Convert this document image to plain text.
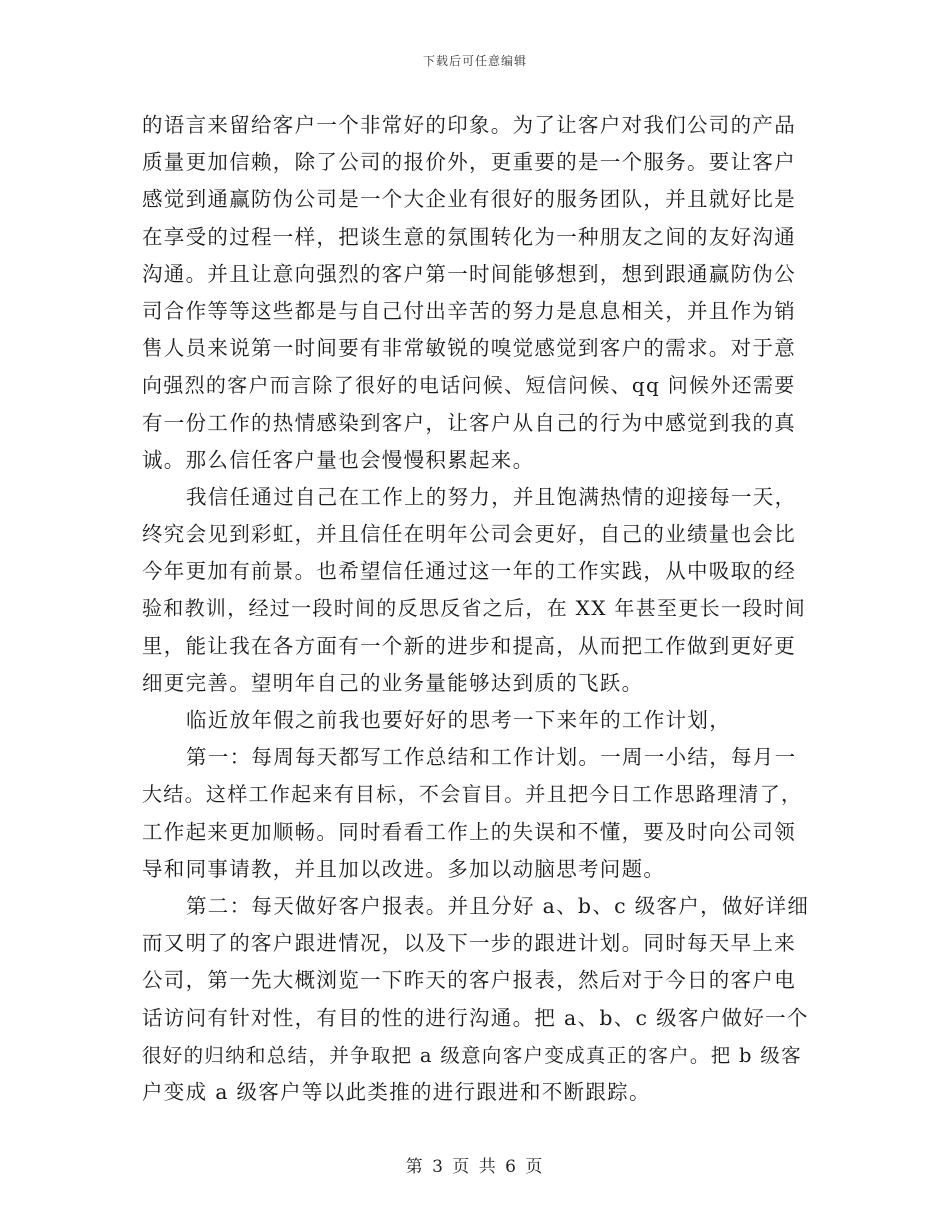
下载后可任意编辑
的语言来留给客户一个非常好的印象。为了让客户对我们公司的产品
质量更加信赖，除了公司的报价外，更重要的是一个服务。要让客户
感觉到通赢防伪公司是一个大企业有很好的服务团队，并且就好比是
在享受的过程一样，把谈生意的氛围转化为一种朋友之间的友好沟通
沟通。并且让意向强烈的客户第一时间能够想到，想到跟通赢防伪公
司合作等等这些都是与自己付出辛苦的努力是息息相关，并且作为销
售人员来说第一时间要有非常敏锐的嗅觉感觉到客户的需求。对于意
向强烈的客户而言除了很好的电话问候、短信问候、qq 问候外还需要
有一份工作的热情感染到客户，让客户从自己的行为中感觉到我的真
诚。那么信任客户量也会慢慢积累起来。
我信任通过自己在工作上的努力，并且饱满热情的迎接每一天，
终究会见到彩虹，并且信任在明年公司会更好，自己的业绩量也会比
今年更加有前景。也希望信任通过这一年的工作实践，从中吸取的经
验和教训，经过一段时间的反思反省之后，在 XX 年甚至更长一段时间
里，能让我在各方面有一个新的进步和提高，从而把工作做到更好更
细更完善。望明年自己的业务量能够达到质的飞跃。
临近放年假之前我也要好好的思考一下来年的工作计划，
第一：每周每天都写工作总结和工作计划。一周一小结，每月一
大结。这样工作起来有目标，不会盲目。并且把今日工作思路理清了，
工作起来更加顺畅。同时看看工作上的失误和不懂，要及时向公司领
导和同事请教，并且加以改进。多加以动脑思考问题。
第二：每天做好客户报表。并且分好 a、b、c 级客户，做好详细
而又明了的客户跟进情况，以及下一步的跟进计划。同时每天早上来
公司，第一先大概浏览一下昨天的客户报表，然后对于今日的客户电
话访问有针对性，有目的性的进行沟通。把 a、b、c 级客户做好一个
很好的归纳和总结，并争取把 a 级意向客户变成真正的客户。把 b 级客
户变成 a 级客户等以此类推的进行跟进和不断跟踪。
第 3 页 共 6 页
